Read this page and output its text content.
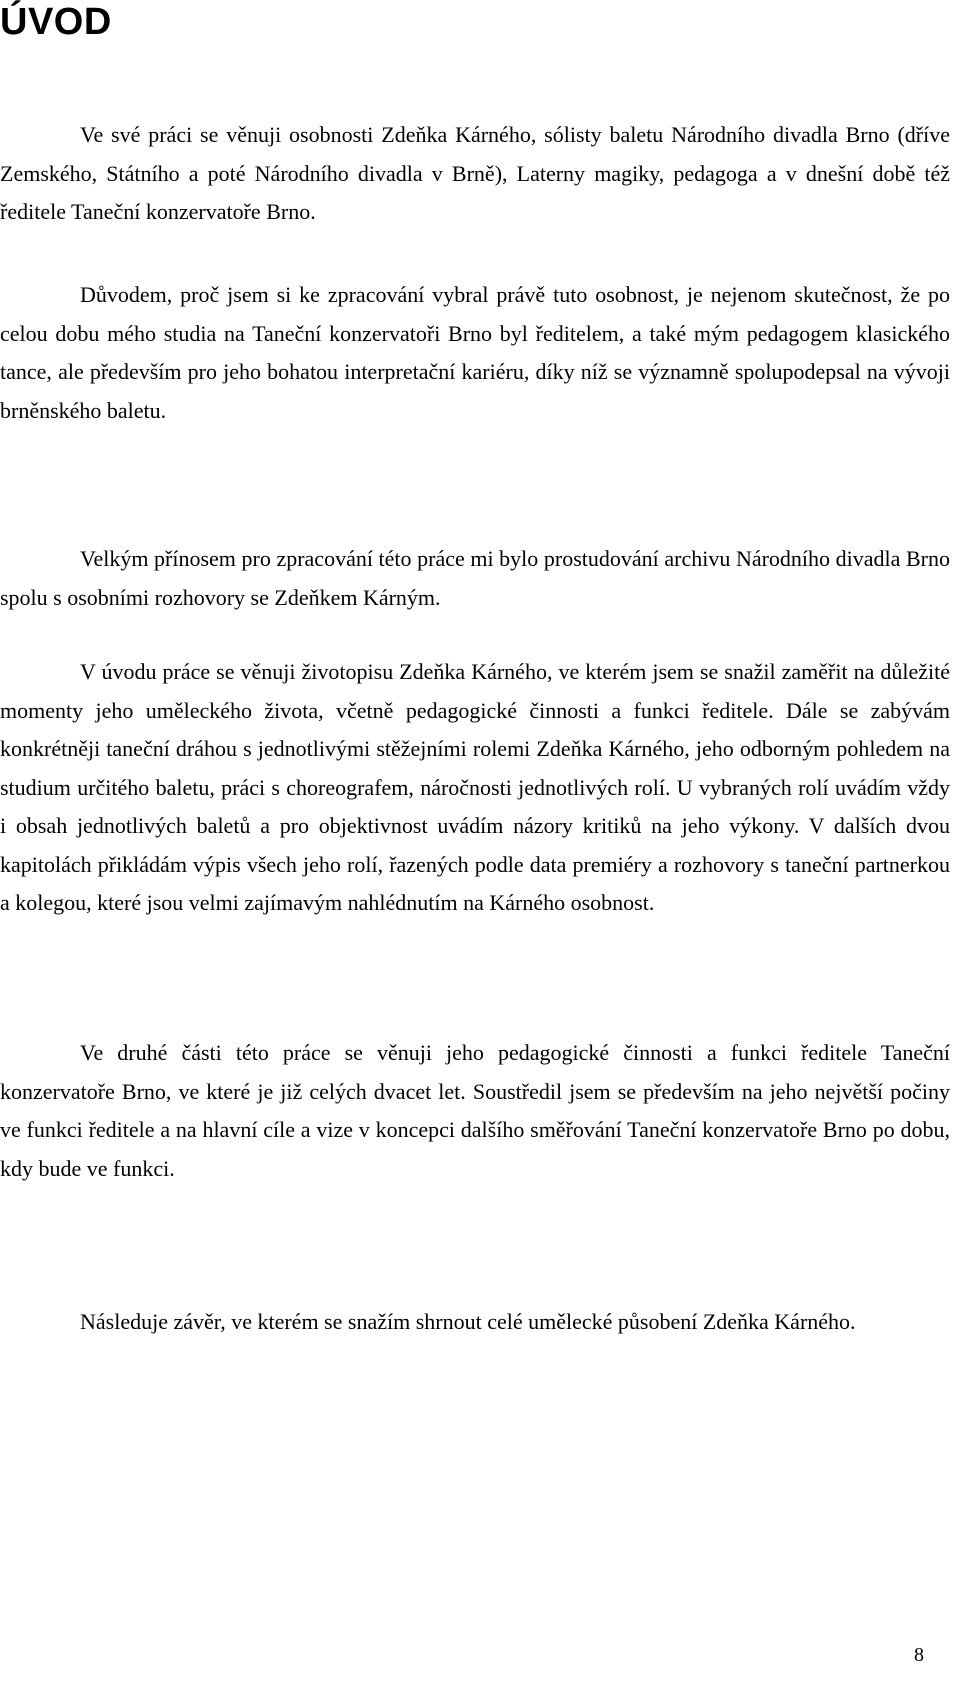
ÚVOD

Ve své práci se věnuji osobnosti Zdeňka Kárného, sólisty baletu Národního divadla Brno (dříve Zemského, Státního a poté Národního divadla v Brně), Laterny magiky, pedagoga a v dnešní době též ředitele Taneční konzervatoře Brno.

Důvodem, proč jsem si ke zpracování vybral právě tuto osobnost, je nejenom skutečnost, že po celou dobu mého studia na Taneční konzervatoři Brno byl ředitelem, a také mým pedagogem klasického tance, ale především pro jeho bohatou interpretační kariéru, díky níž se významně spolupodepsal na vývoji brněnského baletu.

Velkým přínosem pro zpracování této práce mi bylo prostudování archivu Národního divadla Brno spolu s osobními rozhovory se Zdeňkem Kárným.

V úvodu práce se věnuji životopisu Zdeňka Kárného, ve kterém jsem se snažil zaměřit na důležité momenty jeho uměleckého života, včetně pedagogické činnosti a funkci ředitele. Dále se zabývám konkrétněji taneční dráhou s jednotlivými stěžejními rolemi Zdeňka Kárného, jeho odborným pohledem na studium určitého baletu, práci s choreografem, náročnosti jednotlivých rolí. U vybraných rolí uvádím vždy i obsah jednotlivých baletů a pro objektivnost uvádím názory kritiků na jeho výkony. V dalších dvou kapitolách přikládám výpis všech jeho rolí, řazených podle data premiéry a rozhovory s taneční partnerkou a kolegou, které jsou velmi zajímavým nahlédnutím na Kárného osobnost.

Ve druhé části této práce se věnuji jeho pedagogické činnosti a funkci ředitele Taneční konzervatoře Brno, ve které je již celých dvacet let. Soustředil jsem se především na jeho největší počiny ve funkci ředitele a na hlavní cíle a vize v koncepci dalšího směřování Taneční konzervatoře Brno po dobu, kdy bude ve funkci.

Následuje závěr, ve kterém se snažím shrnout celé umělecké působení Zdeňka Kárného.

8
